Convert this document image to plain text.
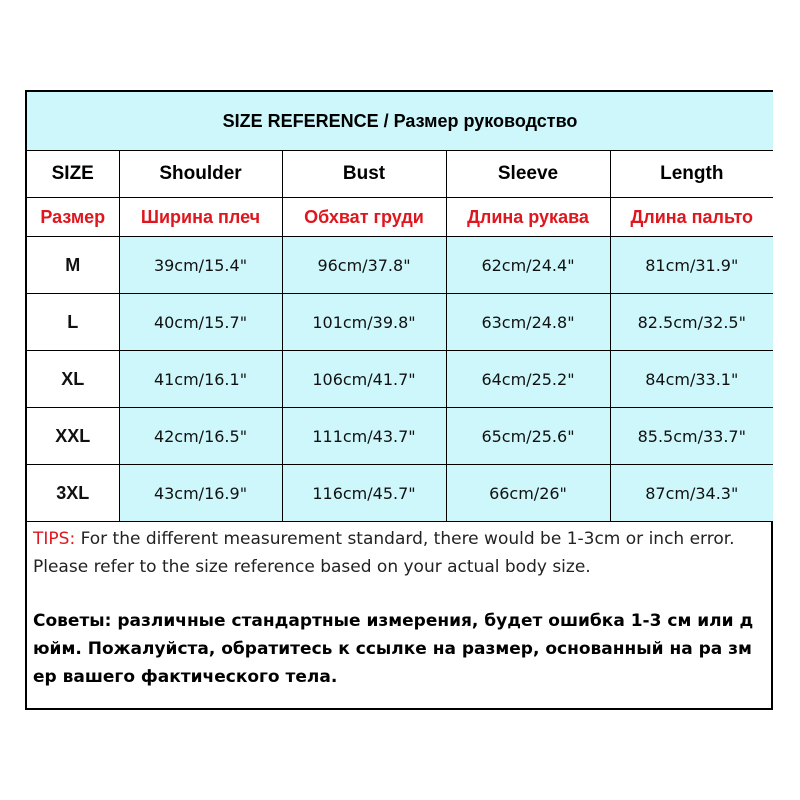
SIZE REFERENCE / Размер руководство				
SIZE	Shoulder	Bust	Sleeve	Length
Размер	Ширина плеч	Обхват груди	Длина рукава	Длина пальто
M	39cm/15.4"	96cm/37.8"	62cm/24.4"	81cm/31.9"
L	40cm/15.7"	101cm/39.8"	63cm/24.8"	82.5cm/32.5"
XL	41cm/16.1"	106cm/41.7"	64cm/25.2"	84cm/33.1"
XXL	42cm/16.5"	111cm/43.7"	65cm/25.6"	85.5cm/33.7"
3XL	43cm/16.9"	116cm/45.7"	66cm/26"	87cm/34.3"

TIPS: For the different measurement standard, there would be 1-3cm or inch error. Please refer to the size reference based on your actual body size.

Советы: различные стандартные измерения, будет ошибка 1-3 см или дюйм. Пожалуйста, обратитесь к ссылке на размер, основанный на ра змер вашего фактического тела.
